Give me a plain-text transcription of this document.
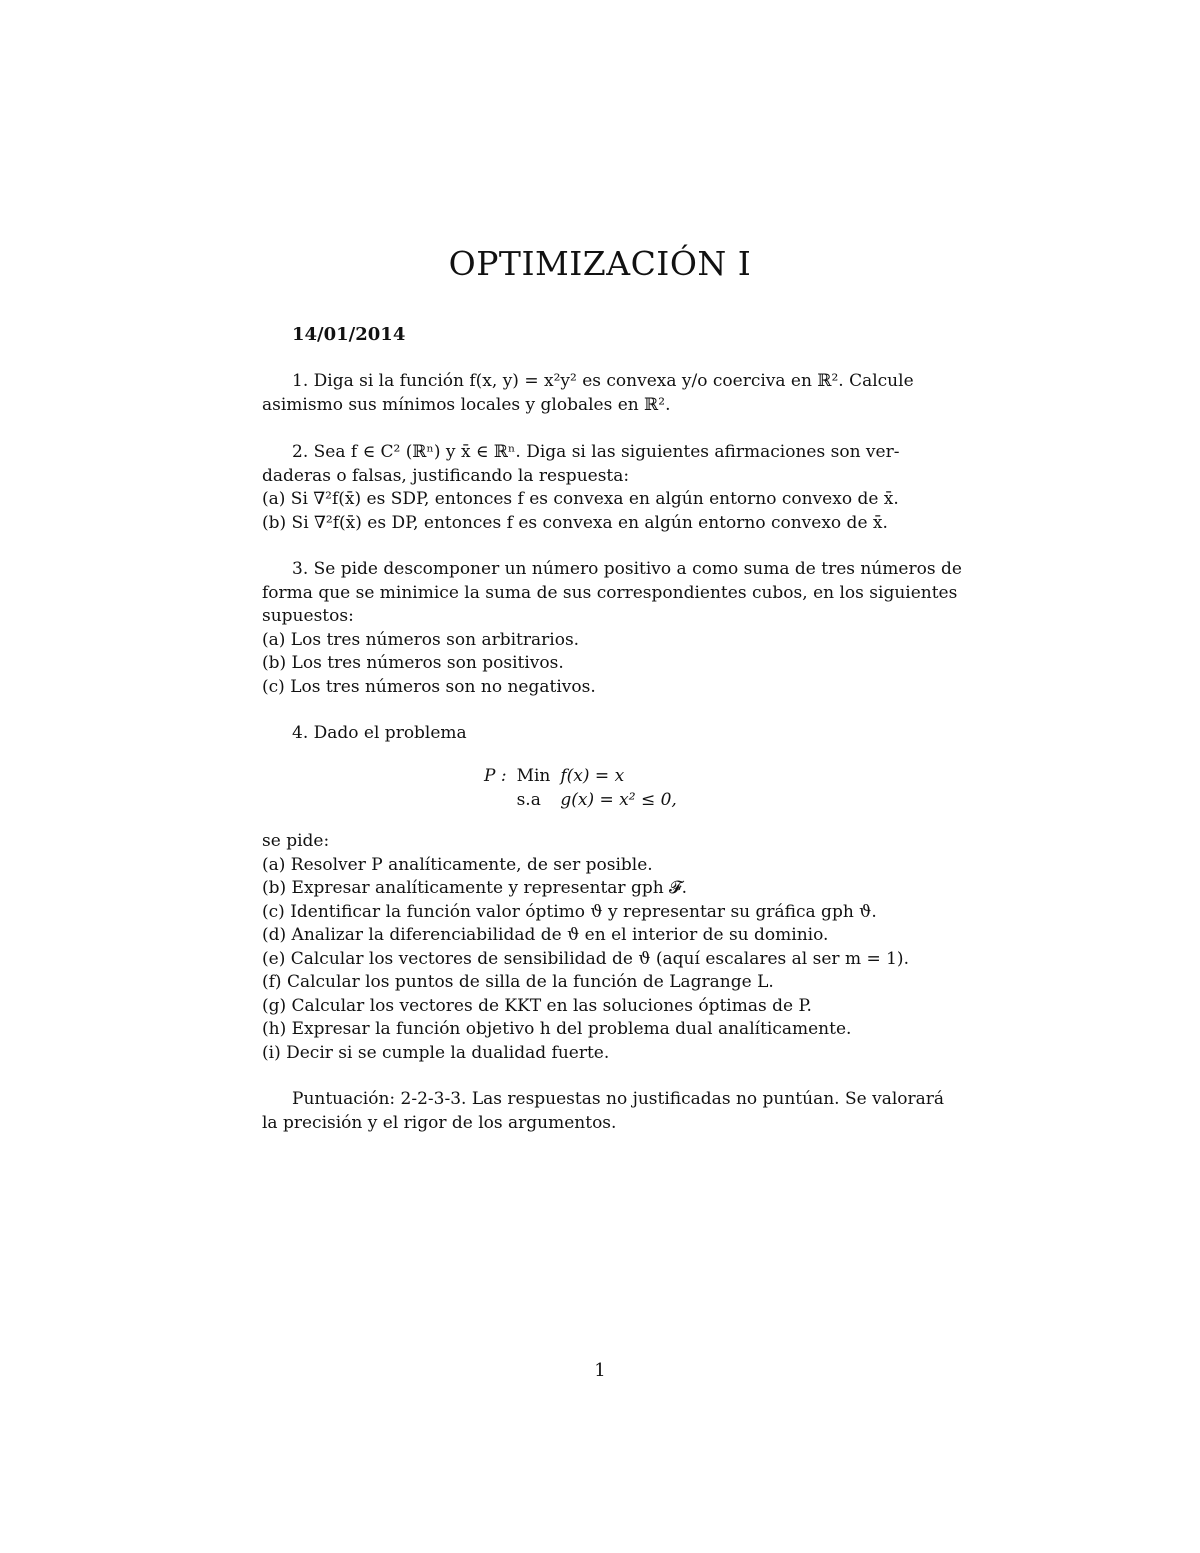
OPTIMIZACIÓN I
14/01/2014
1. Diga si la función f(x, y) = x²y² es convexa y/o coerciva en ℝ². Calcule
asimismo sus mínimos locales y globales en ℝ².
2. Sea f ∈ C² (ℝⁿ) y x̄ ∈ ℝⁿ. Diga si las siguientes afirmaciones son ver-
daderas o falsas, justificando la respuesta:
(a) Si ∇²f(x̄) es SDP, entonces f es convexa en algún entorno convexo de x̄.
(b) Si ∇²f(x̄) es DP, entonces f es convexa en algún entorno convexo de x̄.
3. Se pide descomponer un número positivo a como suma de tres números de
forma que se minimice la suma de sus correspondientes cubos, en los siguientes
supuestos:
(a) Los tres números son arbitrarios.
(b) Los tres números son positivos.
(c) Los tres números son no negativos.
4. Dado el problema
P :	Min	f(x) = x
	s.a	g(x) = x² ≤ 0,
se pide:
(a) Resolver P analíticamente, de ser posible.
(b) Expresar analíticamente y representar gph 𝓕.
(c) Identificar la función valor óptimo ϑ y representar su gráfica gph ϑ.
(d) Analizar la diferenciabilidad de ϑ en el interior de su dominio.
(e) Calcular los vectores de sensibilidad de ϑ (aquí escalares al ser m = 1).
(f) Calcular los puntos de silla de la función de Lagrange L.
(g) Calcular los vectores de KKT en las soluciones óptimas de P.
(h) Expresar la función objetivo h del problema dual analíticamente.
(i) Decir si se cumple la dualidad fuerte.
Puntuación: 2-2-3-3. Las respuestas no justificadas no puntúan. Se valorará
la precisión y el rigor de los argumentos.
1
